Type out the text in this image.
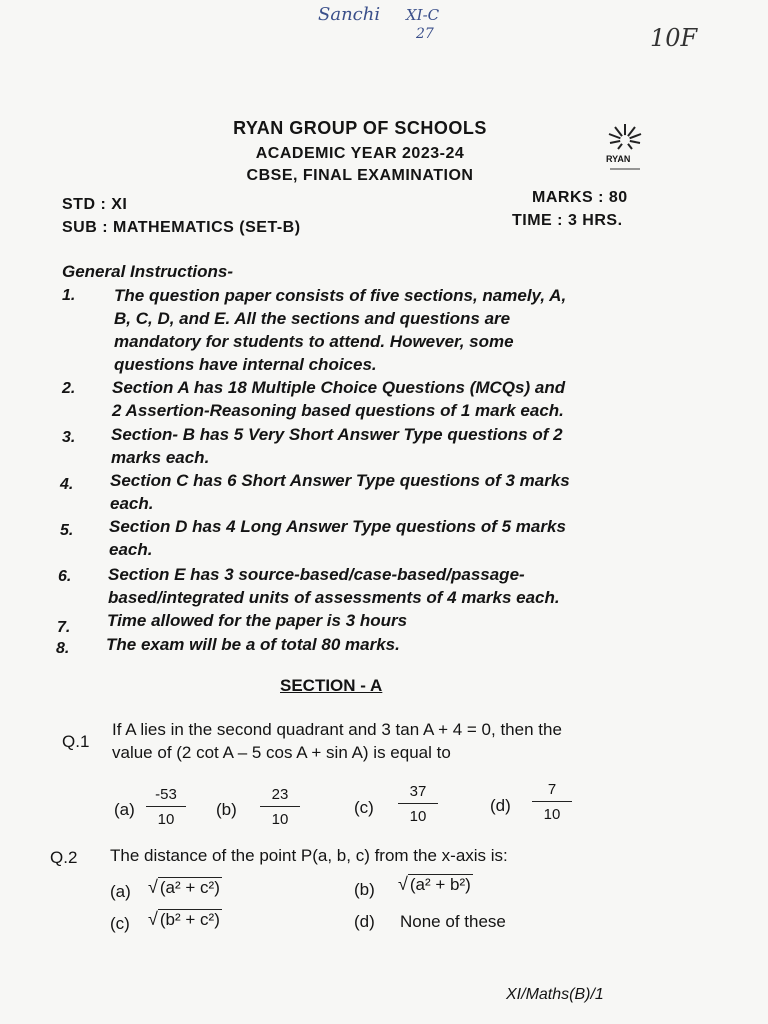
Sanchi XI-C
27	10F
RYAN GROUP OF SCHOOLS
ACADEMIC YEAR 2023-24
CBSE, FINAL EXAMINATION
RYAN
STD : XI
SUB : MATHEMATICS (SET-B)
MARKS : 80
TIME : 3 HRS.
General Instructions-
1. The question paper consists of five sections, namely, A,
B, C, D, and E. All the sections and questions are
mandatory for students to attend. However, some
questions have internal choices.
2. Section A has 18 Multiple Choice Questions (MCQs) and
2 Assertion-Reasoning based questions of 1 mark each.
3. Section- B has 5 Very Short Answer Type questions of 2
marks each.
4. Section C has 6 Short Answer Type questions of 3 marks
each.
5. Section D has 4 Long Answer Type questions of 5 marks
each.
6. Section E has 3 source-based/case-based/passage-
based/integrated units of assessments of 4 marks each.
7. Time allowed for the paper is 3 hours
8. The exam will be a of total 80 marks.
SECTION - A
Q.1
If A lies in the second quadrant and 3 tan A + 4 = 0, then the
value of (2 cot A – 5 cos A + sin A) is equal to
$(a) \frac{-53}{10} (b) \frac{23}{10}$	$(c) \frac{37}{10}$	$(d) \frac{7}{10}$
Q.2 The distance of the point P(a, b, c) from the x-axis is:
(a) √ (a² + c²)	(b) √ (a² + b²)
(c) √ (b² + c²)	(d) None of these
XI/Maths(B)/1
